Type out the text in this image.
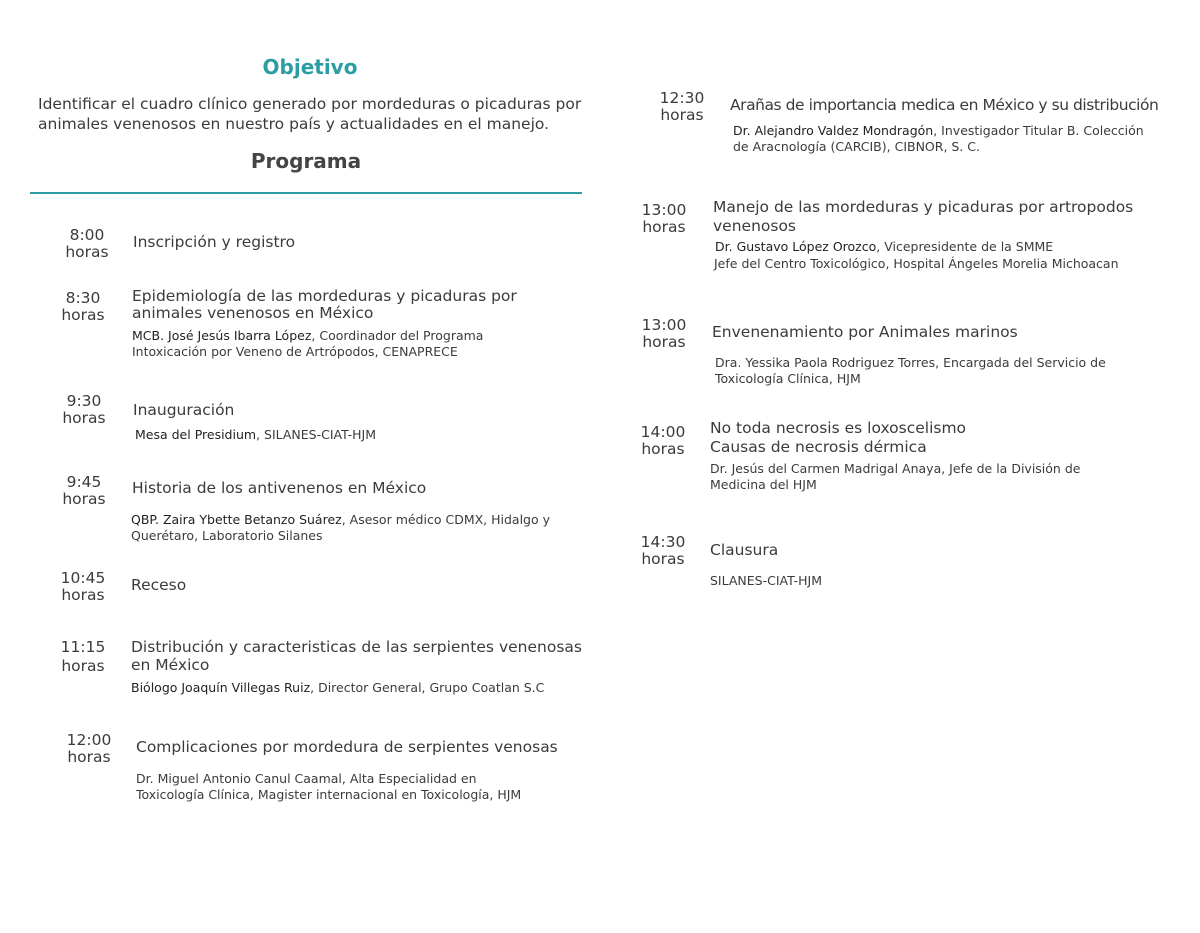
Objetivo
Identificar el cuadro clínico generado por mordeduras o picaduras por animales venenosos en nuestro país y actualidades en el manejo.
Programa
8:00
horas
Inscripción y registro
8:30
horas
Epidemiología de las mordeduras y picaduras por animales venenosos en México
MCB. José Jesús Ibarra López, Coordinador del Programa Intoxicación por Veneno de Artrópodos, CENAPRECE
9:30
horas	Inauguración
Mesa del Presidium, SILANES-CIAT-HJM
9:45
horas
Historia de los antivenenos en México
QBP. Zaira Ybette Betanzo Suárez, Asesor médico CDMX, Hidalgo y Querétaro, Laboratorio Silanes
10:45
horas
Receso
11:15
horas
Distribución y caracteristicas de las serpientes venenosas en México
Biólogo Joaquín Villegas Ruiz, Director General, Grupo Coatlan S.C
12:00
horas
Complicaciones por mordedura de serpientes venosas
Dr. Miguel Antonio Canul Caamal, Alta Especialidad en Toxicología Clínica, Magister internacional en Toxicología, HJM
12:30
horas
Arañas de importancia medica en México y su distribución
Dr. Alejandro Valdez Mondragón, Investigador Titular B. Colección de Aracnología (CARCIB), CIBNOR, S. C.
13:00
horas
Manejo de las mordeduras y picaduras por artropodos venenosos
Dr. Gustavo López Orozco, Vicepresidente de la SMME
Jefe del Centro Toxicológico, Hospital Ángeles Morelia Michoacan
13:00
horas
Envenenamiento por Animales marinos
Dra. Yessika Paola Rodriguez Torres, Encargada del Servicio de Toxicología Clínica, HJM
14:00
horas
No toda necrosis es loxoscelismo
Causas de necrosis dérmica
Dr. Jesús del Carmen Madrigal Anaya, Jefe de la División de Medicina del HJM
14:30
horas	Clausura
SILANES-CIAT-HJM
